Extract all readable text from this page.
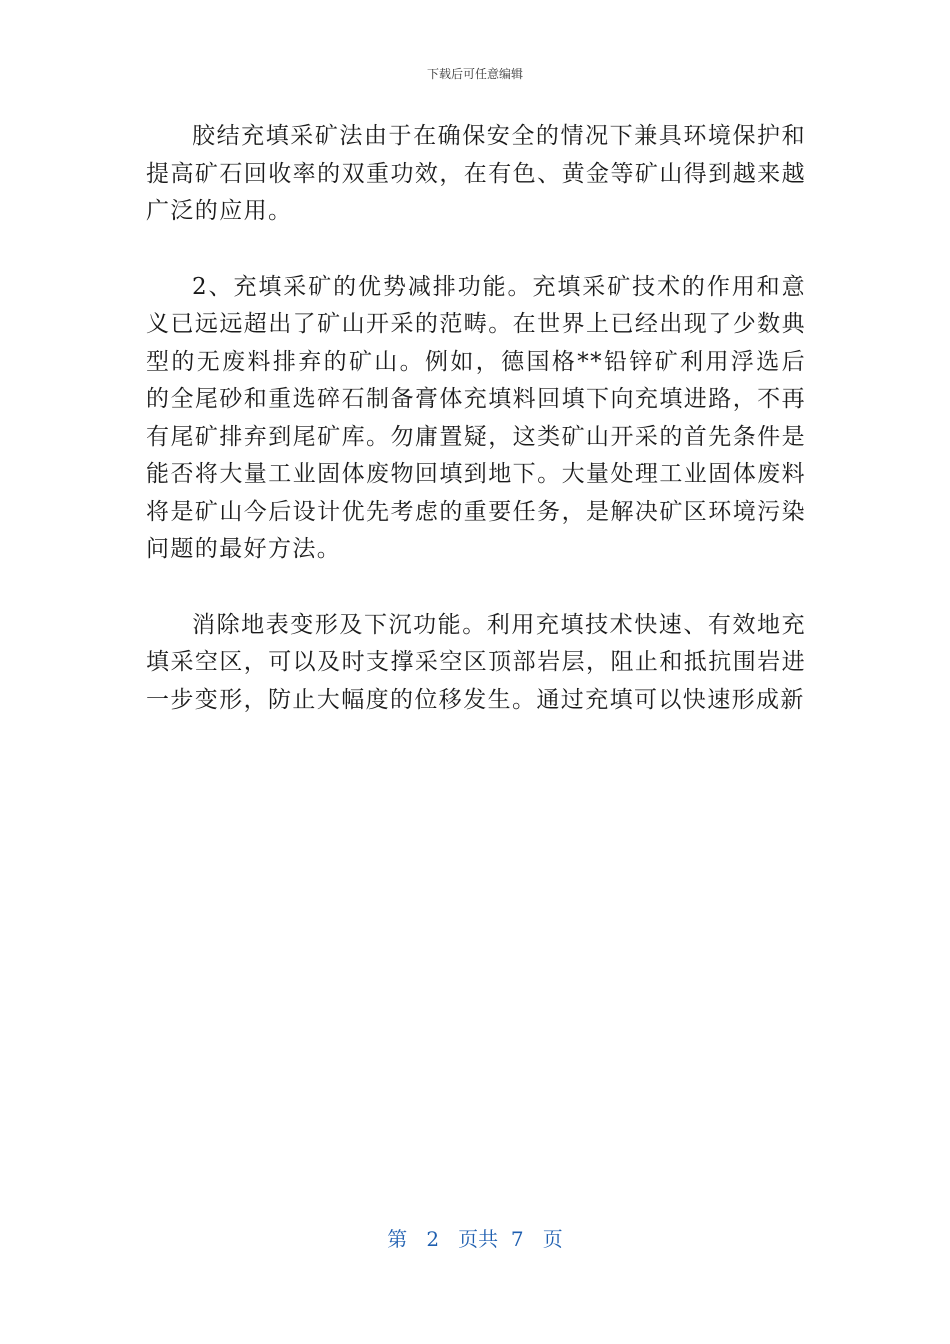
下载后可任意编辑

胶结充填采矿法由于在确保安全的情况下兼具环境保护和提高矿石回收率的双重功效，在有色、黄金等矿山得到越来越广泛的应用。

2、充填采矿的优势减排功能。充填采矿技术的作用和意义已远远超出了矿山开采的范畴。在世界上已经出现了少数典型的无废料排弃的矿山。例如，德国格**铅锌矿利用浮选后的全尾砂和重选碎石制备膏体充填料回填下向充填进路，不再有尾矿排弃到尾矿库。勿庸置疑，这类矿山开采的首先条件是能否将大量工业固体废物回填到地下。大量处理工业固体废料将是矿山今后设计优先考虑的重要任务，是解决矿区环境污染问题的最好方法。

消除地表变形及下沉功能。利用充填技术快速、有效地充填采空区，可以及时支撑采空区顶部岩层，阻止和抵抗围岩进一步变形，防止大幅度的位移发生。通过充填可以快速形成新

第 2 页共 7 页
